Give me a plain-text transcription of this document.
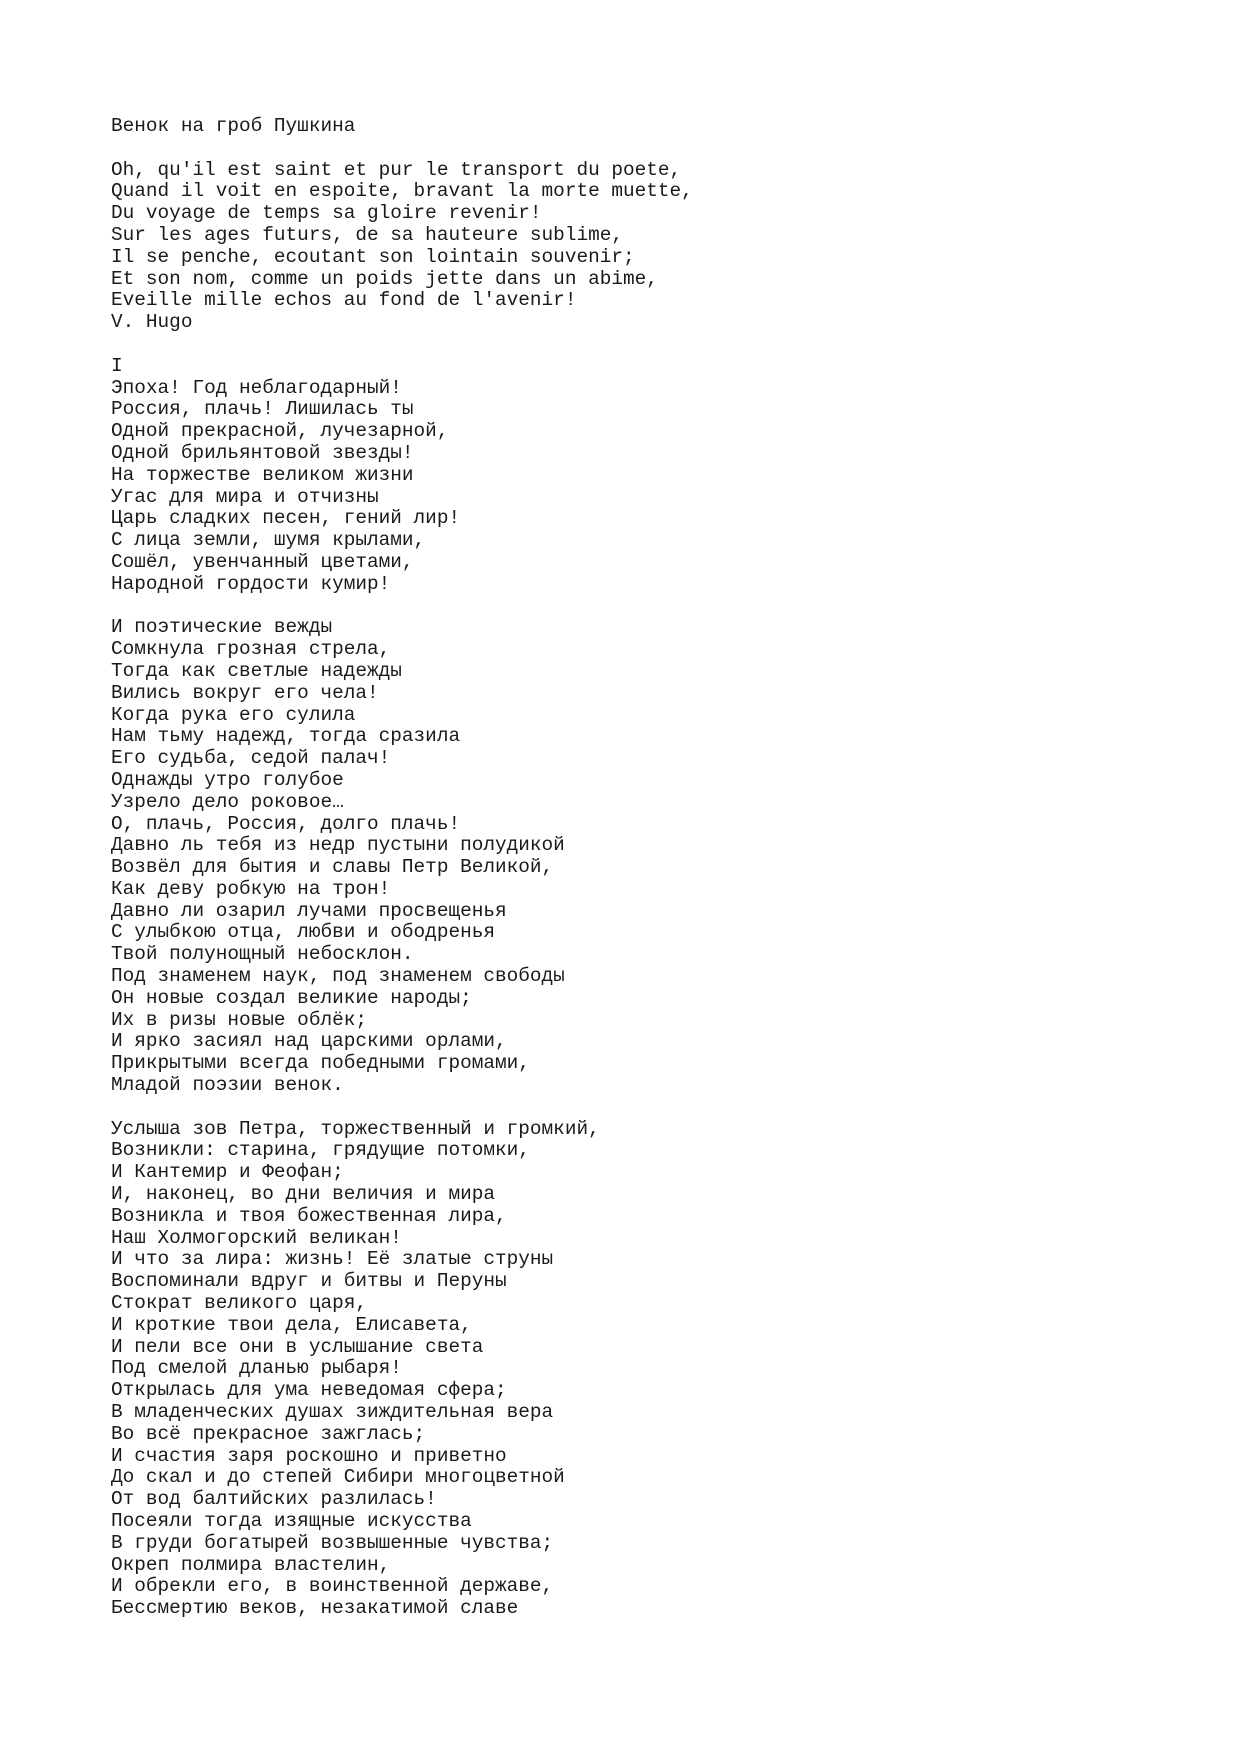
Венок на гроб Пушкина
Oh, qu'il est saint et pur le transport du poete,
Quand il voit en espoite, bravant la morte muette,
Du voyage de temps sa gloire revenir!
Sur les ages futurs, de sa hauteure sublime,
Il se penche, ecoutant son lointain souvenir;
Et son nom, comme un poids jette dans un abime,
Eveille mille echos au fond de l'avenir!
V. Hugo
I
Эпоха! Год неблагодарный!
Россия, плачь! Лишилась ты
Одной прекрасной, лучезарной,
Одной брильянтовой звезды!
На торжестве великом жизни
Угас для мира и отчизны
Царь сладких песен, гений лир!
С лица земли, шумя крылами,
Сошёл, увенчанный цветами,
Народной гордости кумир!
И поэтические вежды
Сомкнула грозная стрела,
Тогда как светлые надежды
Вились вокруг его чела!
Когда рука его сулила
Нам тьму надежд, тогда сразила
Его судьба, седой палач!
Однажды утро голубое
Узрело дело роковое…
О, плачь, Россия, долго плачь!
Давно ль тебя из недр пустыни полудикой
Возвёл для бытия и славы Петр Великой,
Как деву робкую на трон!
Давно ли озарил лучами просвещенья
С улыбкою отца, любви и ободренья
Твой полунощный небосклон.
Под знаменем наук, под знаменем свободы
Он новые создал великие народы;
Их в ризы новые облёк;
И ярко засиял над царскими орлами,
Прикрытыми всегда победными громами,
Младой поэзии венок.
Услыша зов Петра, торжественный и громкий,
Возникли: старина, грядущие потомки,
И Кантемир и Феофан;
И, наконец, во дни величия и мира
Возникла и твоя божественная лира,
Наш Холмогорский великан!
И что за лира: жизнь! Её златые струны
Воспоминали вдруг и битвы и Перуны
Стократ великого царя,
И кроткие твои дела, Елисавета,
И пели все они в услышание света
Под смелой дланью рыбаря!
Открылась для ума неведомая сфера;
В младенческих душах зиждительная вера
Во всё прекрасное зажглась;
И счастия заря роскошно и приветно
До скал и до степей Сибири многоцветной
От вод балтийских разлилась!
Посеяли тогда изящные искусства
В груди богатырей возвышенные чувства;
Окреп полмира властелин,
И обрекли его, в воинственной державе,
Бессмертию веков, незакатимой славе
